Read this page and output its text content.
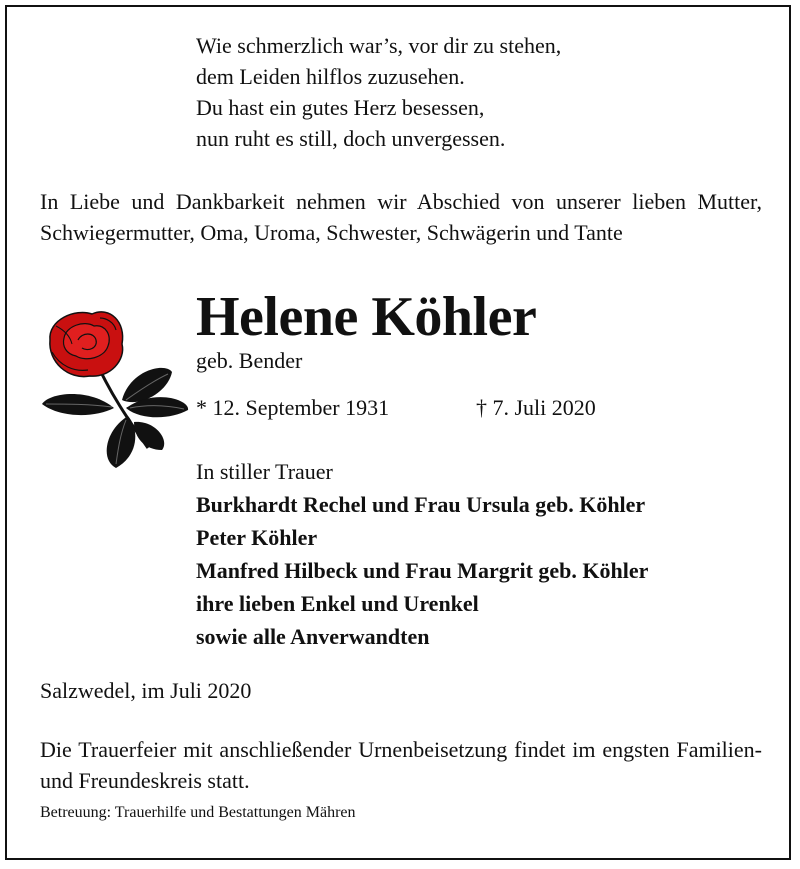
Wie schmerzlich war’s, vor dir zu stehen,
dem Leiden hilflos zuzusehen.
Du hast ein gutes Herz besessen,
nun ruht es still, doch unvergessen.
In Liebe und Dankbarkeit nehmen wir Abschied von unserer lieben Mutter, Schwiegermutter, Oma, Uroma, Schwester, Schwägerin und Tante
Helene Köhler
geb. Bender
* 12. September 1931	† 7. Juli 2020
In stiller Trauer
Burkhardt Rechel und Frau Ursula geb. Köhler
Peter Köhler
Manfred Hilbeck und Frau Margrit geb. Köhler
ihre lieben Enkel und Urenkel
sowie alle Anverwandten
Salzwedel, im Juli 2020
Die Trauerfeier mit anschließender Urnenbeisetzung findet im engsten Familien- und Freundeskreis statt.
Betreuung: Trauerhilfe und Bestattungen Mähren
